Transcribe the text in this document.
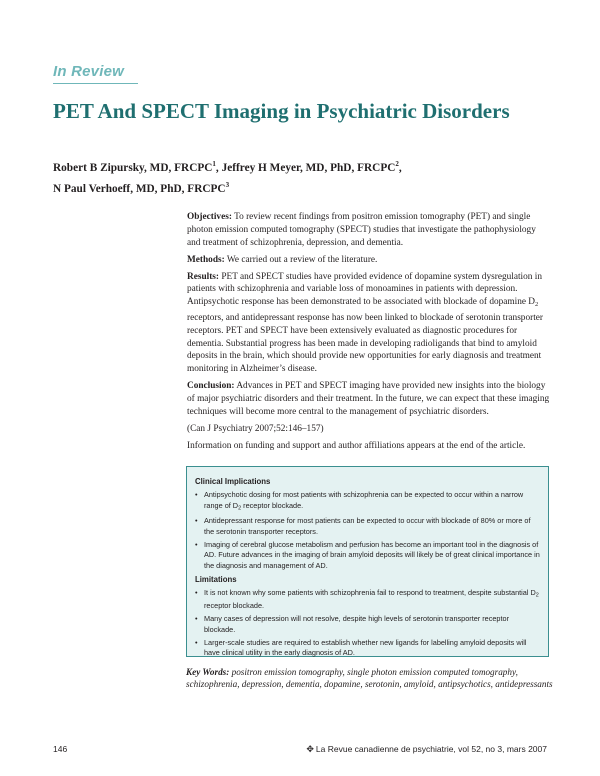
In Review
PET And SPECT Imaging in Psychiatric Disorders
Robert B Zipursky, MD, FRCPC$^1$, Jeffrey H Meyer, MD, PhD, FRCPC$^2$,
N Paul Verhoeff, MD, PhD, FRCPC$^3$

Objectives: To review recent findings from positron emission tomography (PET) and single photon emission computed tomography (SPECT) studies that investigate the pathophysiology and treatment of schizophrenia, depression, and dementia.

Methods: We carried out a review of the literature.

Results: PET and SPECT studies have provided evidence of dopamine system dysregulation in patients with schizophrenia and variable loss of monoamines in patients with depression. Antipsychotic response has been demonstrated to be associated with blockade of dopamine $D_2$ receptors, and antidepressant response has now been linked to blockade of serotonin transporter receptors. PET and SPECT have been extensively evaluated as diagnostic procedures for dementia. Substantial progress has been made in developing radioligands that bind to amyloid deposits in the brain, which should provide new opportunities for early diagnosis and treatment monitoring in Alzheimer’s disease.

Conclusion: Advances in PET and SPECT imaging have provided new insights into the biology of major psychiatric disorders and their treatment. In the future, we can expect that these imaging techniques will become more central to the management of psychiatric disorders.

(Can J Psychiatry 2007;52:146–157)

Information on funding and support and author affiliations appears at the end of the article.

Clinical Implications
• Antipsychotic dosing for most patients with schizophrenia can be expected to occur within a narrow range of $D_2$ receptor blockade.
• Antidepressant response for most patients can be expected to occur with blockade of 80% or more of the serotonin transporter receptors.
• Imaging of cerebral glucose metabolism and perfusion has become an important tool in the diagnosis of AD. Future advances in the imaging of brain amyloid deposits will likely be of great clinical importance in the diagnosis and management of AD.
Limitations
• It is not known why some patients with schizophrenia fail to respond to treatment, despite substantial $D_2$ receptor blockade.
• Many cases of depression will not resolve, despite high levels of serotonin transporter receptor blockade.
• Larger-scale studies are required to establish whether new ligands for labelling amyloid deposits will have clinical utility in the early diagnosis of AD.
Key Words: positron emission tomography, single photon emission computed tomography, schizophrenia, depression, dementia, dopamine, serotonin, amyloid, antipsychotics, antidepressants
146	✥ La Revue canadienne de psychiatrie, vol 52, no 3, mars 2007
